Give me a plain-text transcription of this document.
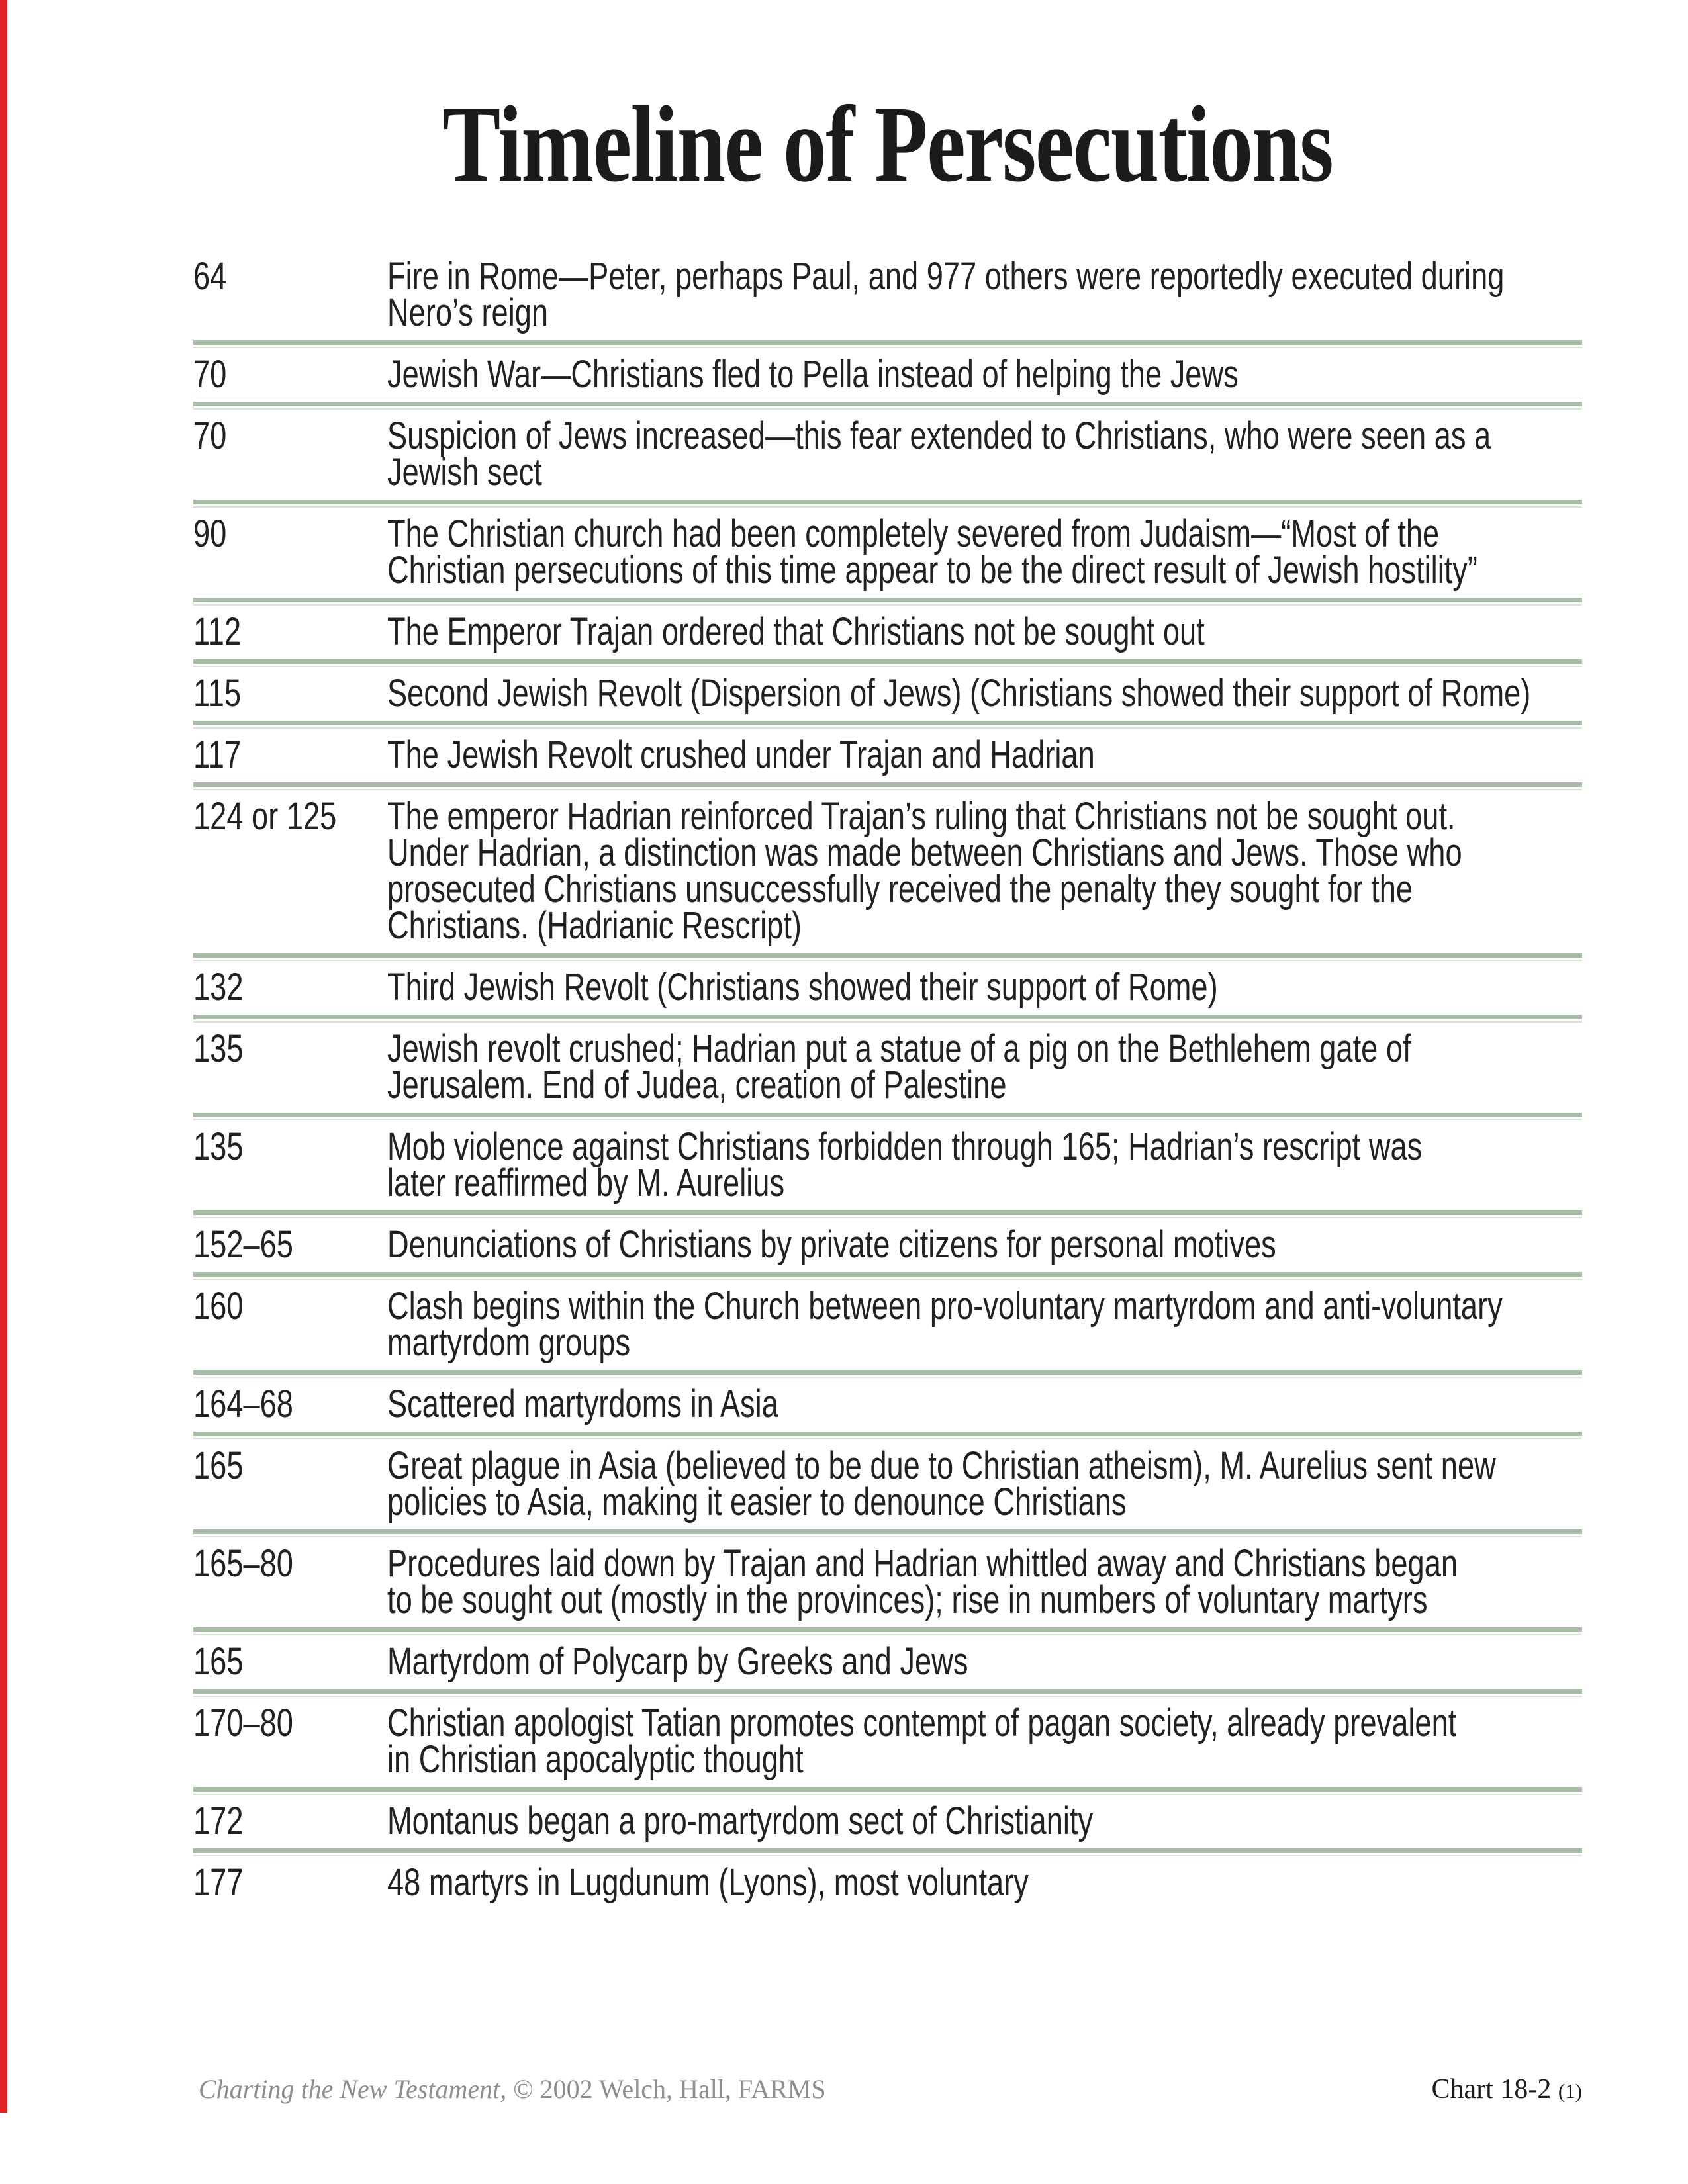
Timeline of Persecutions
64	Fire in Rome—Peter, perhaps Paul, and 977 others were reportedly executed during
Nero’s reign
70	Jewish War—Christians fled to Pella instead of helping the Jews
70	Suspicion of Jews increased—this fear extended to Christians, who were seen as a
Jewish sect
90	The Christian church had been completely severed from Judaism—“Most of the
Christian persecutions of this time appear to be the direct result of Jewish hostility”
112	The Emperor Trajan ordered that Christians not be sought out
115	Second Jewish Revolt (Dispersion of Jews) (Christians showed their support of Rome)
117	The Jewish Revolt crushed under Trajan and Hadrian
124 or 125 The emperor Hadrian reinforced Trajan’s ruling that Christians not be sought out.
Under Hadrian, a distinction was made between Christians and Jews. Those who
prosecuted Christians unsuccessfully received the penalty they sought for the
Christians. (Hadrianic Rescript)
132	Third Jewish Revolt (Christians showed their support of Rome)
135	Jewish revolt crushed; Hadrian put a statue of a pig on the Bethlehem gate of
Jerusalem. End of Judea, creation of Palestine
135	Mob violence against Christians forbidden through 165; Hadrian’s rescript was
later reaffirmed by M. Aurelius
152–65	Denunciations of Christians by private citizens for personal motives
160	Clash begins within the Church between pro-voluntary martyrdom and anti-voluntary
martyrdom groups
164–68	Scattered martyrdoms in Asia
165	Great plague in Asia (believed to be due to Christian atheism), M. Aurelius sent new
policies to Asia, making it easier to denounce Christians
165–80	Procedures laid down by Trajan and Hadrian whittled away and Christians began
to be sought out (mostly in the provinces); rise in numbers of voluntary martyrs
165	Martyrdom of Polycarp by Greeks and Jews
170–80	Christian apologist Tatian promotes contempt of pagan society, already prevalent
in Christian apocalyptic thought
172	Montanus began a pro-martyrdom sect of Christianity
177	48 martyrs in Lugdunum (Lyons), most voluntary
Charting the New Testament, © 2002 Welch, Hall, FARMS	Chart 18-2 (1)
